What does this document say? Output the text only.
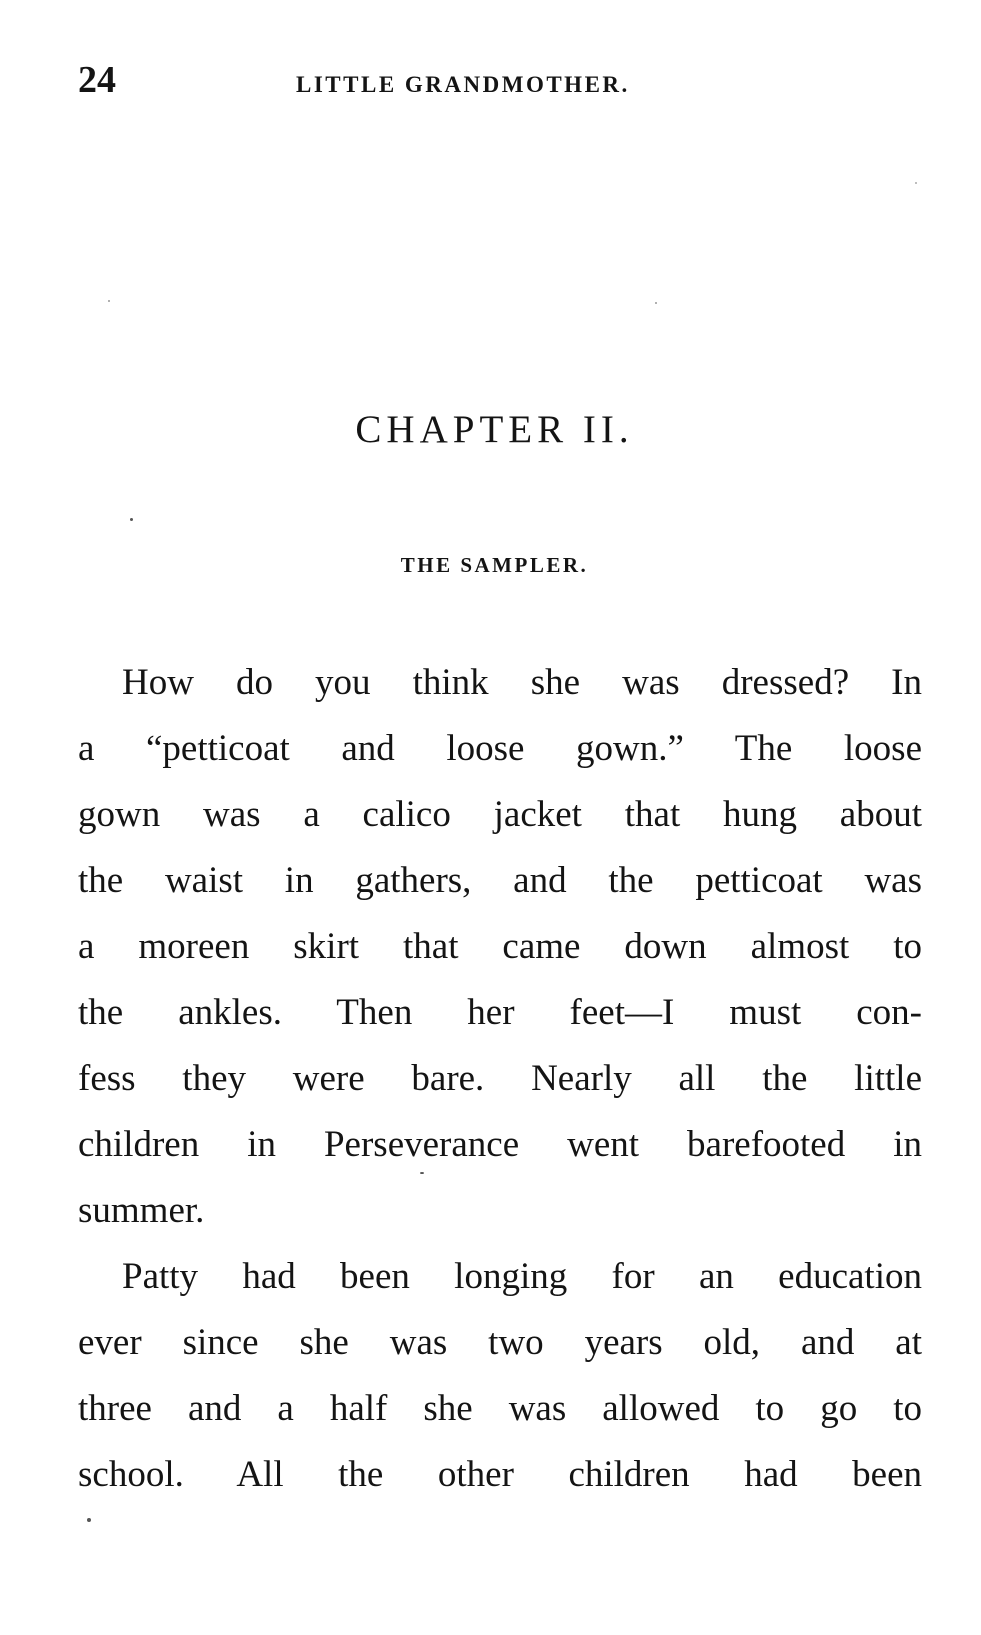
24	LITTLE GRANDMOTHER.
CHAPTER II.
THE SAMPLER.
How do you think she was dressed? In
a “petticoat and loose gown.” The loose
gown was a calico jacket that hung about
the waist in gathers, and the petticoat was
a moreen skirt that came down almost to
the ankles. Then her feet—I must con-
fess they were bare. Nearly all the little
children in Perseverance went barefooted in
summer.
Patty had been longing for an education
ever since she was two years old, and at
three and a half she was allowed to go to
school. All the other children had been
